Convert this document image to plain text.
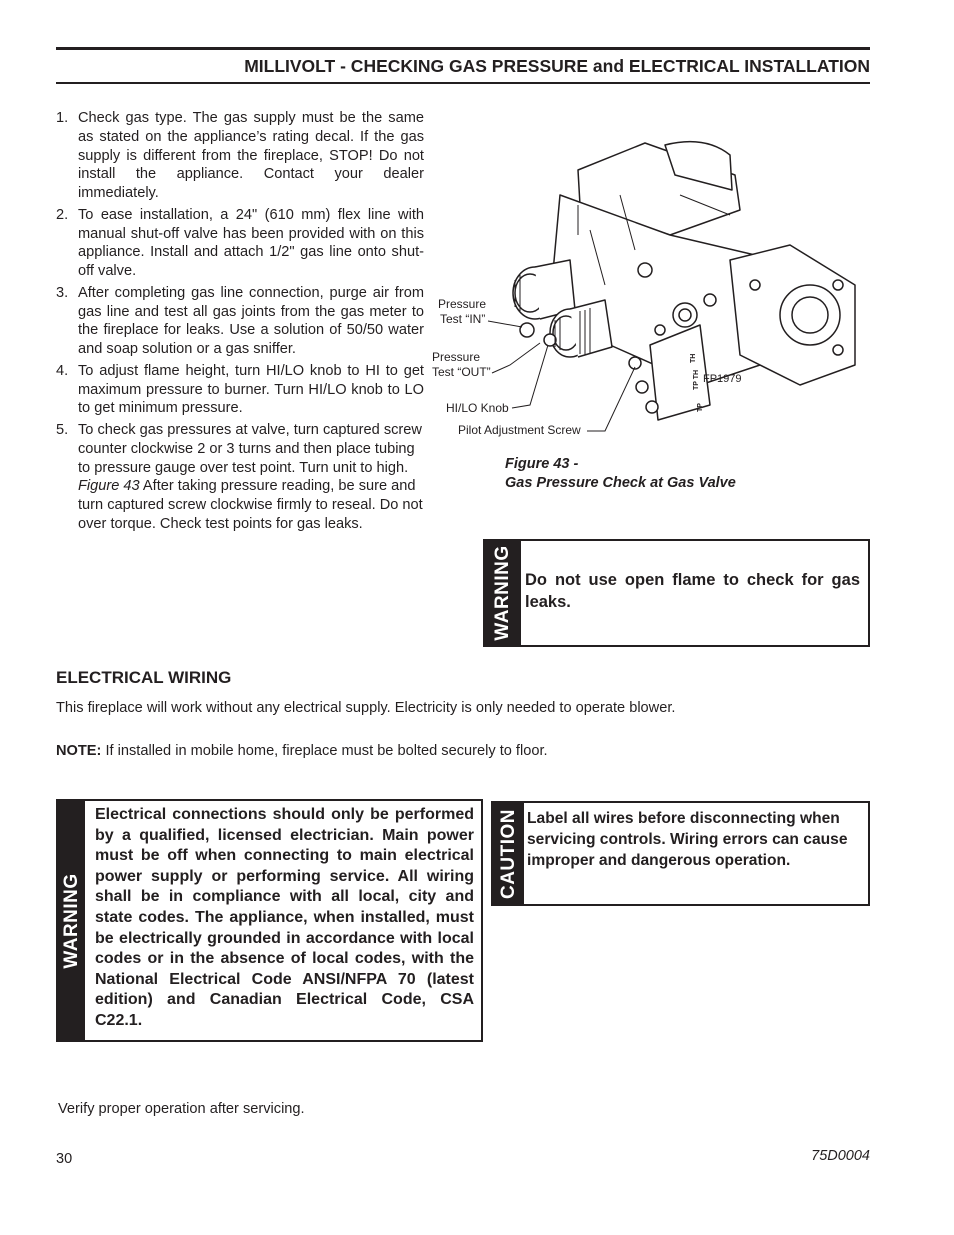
MILLIVOLT - CHECKING GAS PRESSURE and ELECTRICAL INSTALLATION
1. Check gas type. The gas supply must be the same as stated on the appliance’s rating decal. If the gas supply is different from the fireplace, STOP! Do not install the appliance. Contact your dealer immediately.
2. To ease installation, a 24" (610 mm) flex line with manual shut-off valve has been provided with on this appliance. Install and attach 1/2" gas line onto shut-off valve.
3. After completing gas line connection, purge air from gas line and test all gas joints from the gas meter to the fireplace for leaks. Use a solution of 50/50 water and soap solution or a gas sniffer.
4. To adjust flame height, turn HI/LO knob to HI to get maximum pressure to burner. Turn HI/LO knob to LO to get minimum pressure.
5. To check gas pressures at valve, turn captured screw counter clockwise 2 or 3 turns and then place tubing to pressure gauge over test point. Turn unit to high. Figure 43 After taking pressure reading, be sure and turn captured screw clockwise firmly to reseal. Do not over torque. Check test points for gas leaks.
TH
TP TH
TP
Pressure
Test “IN”
Pressure
Test “OUT”
HI/LO Knob
Pilot Adjustment Screw
FP1979
Figure 43 -
Gas Pressure Check at Gas Valve
WARNING Do not use open flame to check for gas leaks.
ELECTRICAL WIRING
This fireplace will work without any electrical supply. Electricity is only needed to operate blower.
NOTE: If installed in mobile home, fireplace must be bolted securely to floor.
WARNING
Electrical connections should only be performed by a qualified, licensed electrician. Main power must be off when connecting to main electrical power supply or performing service. All wiring shall be in compliance with all local, city and state codes. The appliance, when installed, must be electrically grounded in accordance with local codes or in the absence of local codes, with the National Electrical Code ANSI/NFPA 70 (latest edition) and Canadian Electrical Code, CSA C22.1.
CAUTION Label all wires before disconnecting when servicing controls. Wiring errors can cause improper and dangerous operation.
Verify proper operation after servicing.
30	75D0004
